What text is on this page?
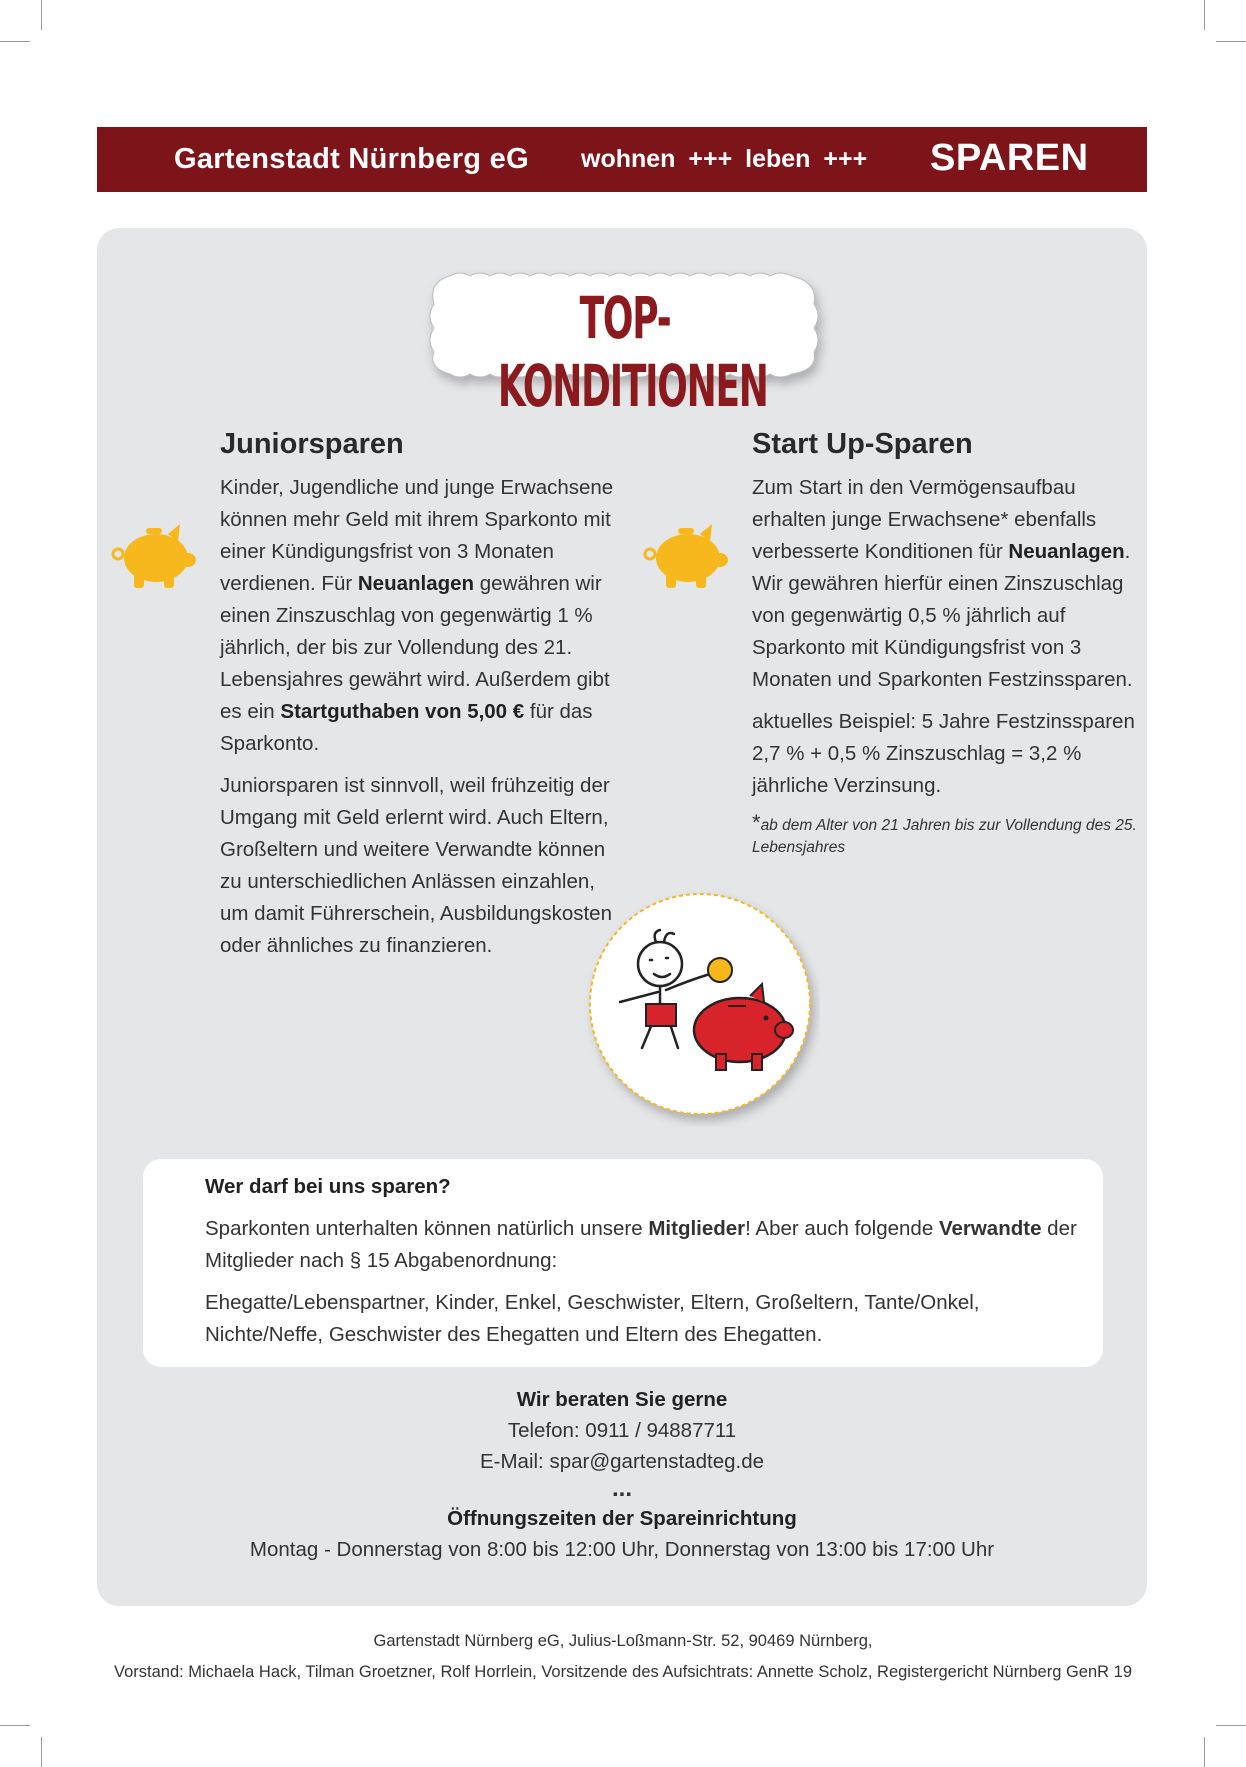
Gartenstadt Nürnberg eG wohnen +++ leben +++ SPAREN
TOP-KONDITIONEN
Juniorsparen

Kinder, Jugendliche und junge Erwachsene können mehr Geld mit ihrem Sparkonto mit einer Kündigungsfrist von 3 Monaten verdienen. Für Neuanlagen gewähren wir einen Zinszuschlag von gegenwärtig 1 % jährlich, der bis zur Vollendung des 21. Lebensjahres gewährt wird. Außerdem gibt es ein Startguthaben von 5,00 € für das Sparkonto.

Juniorsparen ist sinnvoll, weil frühzeitig der Umgang mit Geld erlernt wird. Auch Eltern, Großeltern und weitere Verwandte können zu unterschiedlichen Anlässen einzahlen, um damit Führerschein, Ausbildungskosten oder ähnliches zu finanzieren.

Start Up-Sparen

Zum Start in den Vermögensaufbau erhalten junge Erwachsene* ebenfalls verbesserte Konditionen für Neuanlagen. Wir gewähren hierfür einen Zinszuschlag von gegenwärtig 0,5 % jährlich auf Sparkonto mit Kündigungsfrist von 3 Monaten und Sparkonten Festzinssparen.

aktuelles Beispiel: 5 Jahre Festzinssparen 2,7 % + 0,5 % Zinszuschlag = 3,2 % jährliche Verzinsung.

*ab dem Alter von 21 Jahren bis zur Vollendung des 25. Lebensjahres
Wer darf bei uns sparen?

Sparkonten unterhalten können natürlich unsere Mitglieder! Aber auch folgende Verwandte der Mitglieder nach § 15 Abgabenordnung:

Ehegatte/Lebenspartner, Kinder, Enkel, Geschwister, Eltern, Großeltern, Tante/Onkel, Nichte/Neffe, Geschwister des Ehegatten und Eltern des Ehegatten.

Wir beraten Sie gerne
Telefon: 0911 / 94887711
E-Mail: spar@gartenstadteg.de
...
Öffnungszeiten der Spareinrichtung
Montag - Donnerstag von 8:00 bis 12:00 Uhr, Donnerstag von 13:00 bis 17:00 Uhr
Gartenstadt Nürnberg eG, Julius-Loßmann-Str. 52, 90469 Nürnberg,
Vorstand: Michaela Hack, Tilman Groetzner, Rolf Horrlein, Vorsitzende des Aufsichtrats: Annette Scholz, Registergericht Nürnberg GenR 19
